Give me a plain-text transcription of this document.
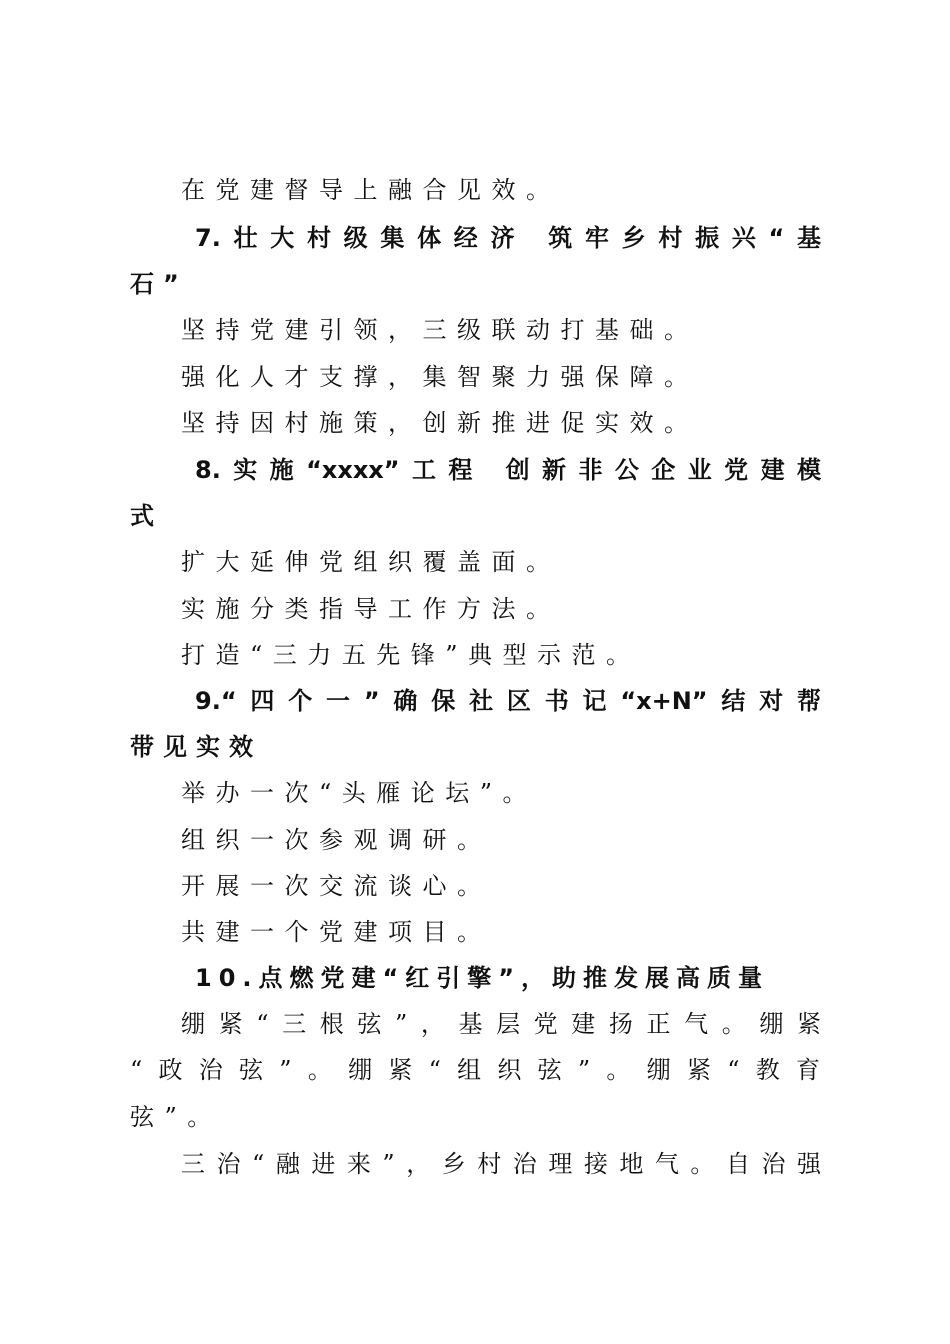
在党建督导上融合见效。
7.壮大村级集体经济 筑牢乡村振兴“基
石”
坚持党建引领，三级联动打基础。
强化人才支撑，集智聚力强保障。
坚持因村施策，创新推进促实效。
8.实施“xxxx”工程 创新非公企业党建模
式
扩大延伸党组织覆盖面。
实施分类指导工作方法。
打造“三力五先锋”典型示范。
9.“四个一”确保社区书记“x+N”结对帮
带见实效
举办一次“头雁论坛”。
组织一次参观调研。
开展一次交流谈心。
共建一个党建项目。
10.点燃党建“红引擎”，助推发展高质量
绷紧“三根弦”，基层党建扬正气。绷紧
“政治弦”。绷紧“组织弦”。绷紧“教育
弦”。
三治“融进来”，乡村治理接地气。自治强
